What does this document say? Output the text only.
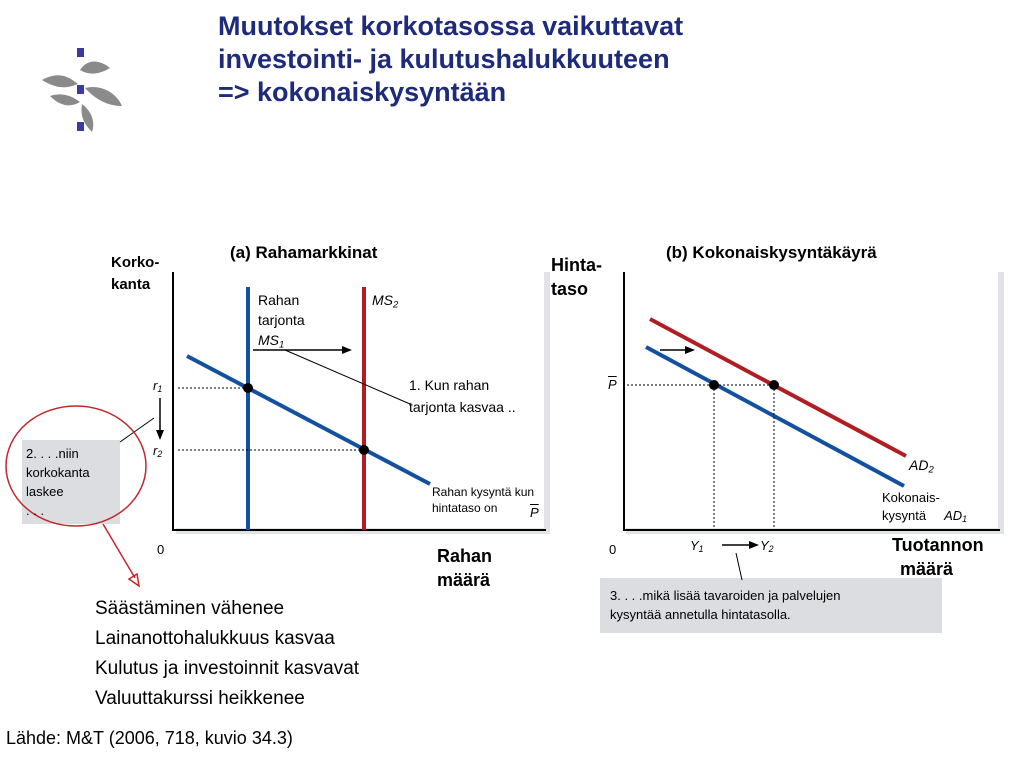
Muutokset korkotasossa vaikuttavat
investointi- ja kulutushalukkuuteen
=> kokonaiskysyntään
(a) Rahamarkkinat
Korko-
kanta
Rahan
määrä
0
$r_1$
$r_2$
Rahan
tarjonta
$MS_1$
$MS_2$
Rahan kysyntä kun
hintataso on	$\overline{P}$
1. Kun rahan
tarjonta kasvaa ..
2. . . .niin
korkokanta
laskee
. . .
3. . . .mikä lisää tavaroiden ja palvelujen
kysyntää annetulla hintatasolla.
(b) Kokonaiskysyntäkäyrä
Hinta-
taso
Tuotannon
määrä
0
$\overline{P}$
$Y_1$	$Y_2$
$AD_2$
Kokonais-
kysyntä $AD_1$
Säästäminen vähenee
Lainanottohalukkuus kasvaa
Kulutus ja investoinnit kasvavat
Valuuttakurssi heikkenee
Lähde: M&T (2006, 718, kuvio 34.3)
